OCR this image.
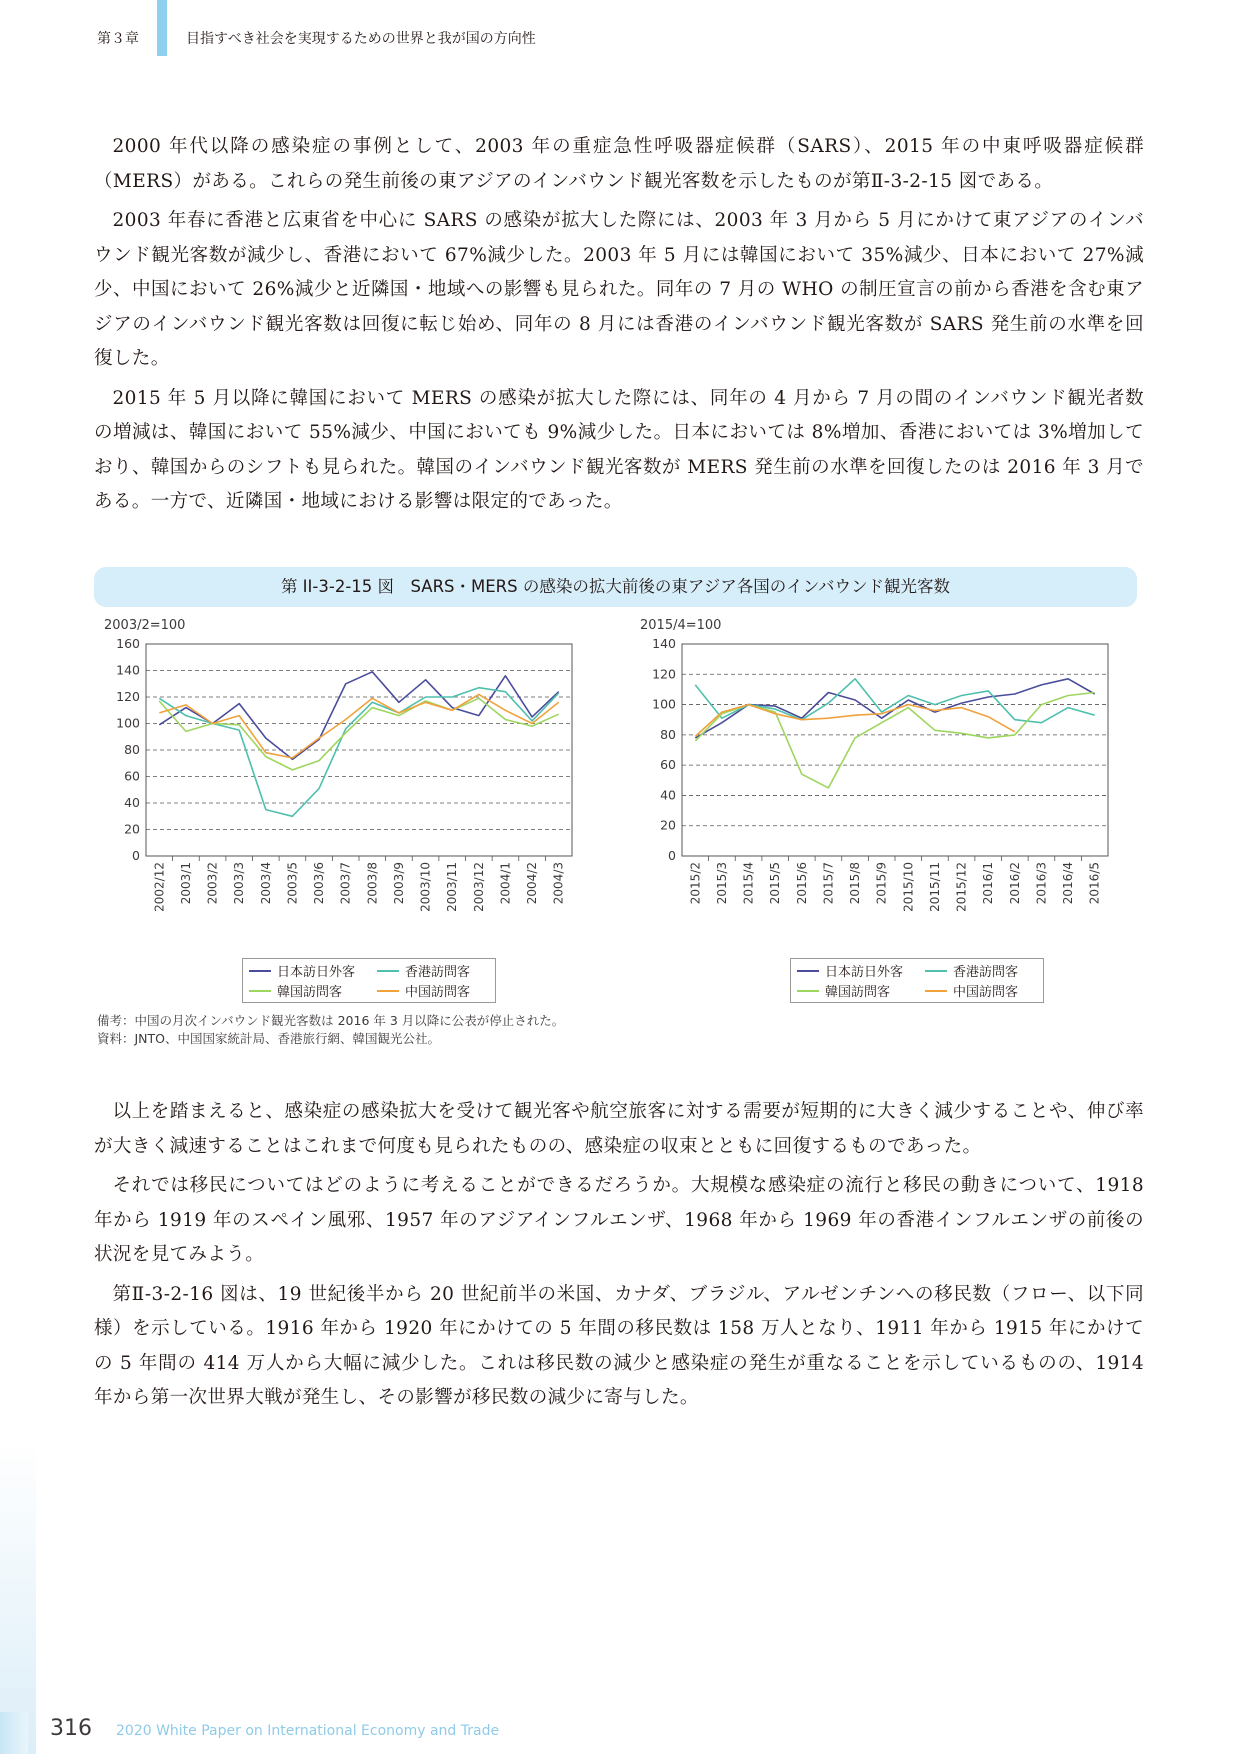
第３章	目指すべき社会を実現するための世界と我が国の方向性

2000 年代以降の感染症の事例として、2003 年の重症急性呼吸器症候群（SARS）、2015 年の中東呼吸器症候群（MERS）がある。これらの発生前後の東アジアのインバウンド観光客数を示したものが第Ⅱ-3-2-15 図である。

2003 年春に香港と広東省を中心に SARS の感染が拡大した際には、2003 年 3 月から 5 月にかけて東アジアのインバウンド観光客数が減少し、香港において 67%減少した。2003 年 5 月には韓国において 35%減少、日本において 27%減少、中国において 26%減少と近隣国・地域への影響も見られた。同年の 7 月の WHO の制圧宣言の前から香港を含む東アジアのインバウンド観光客数は回復に転じ始め、同年の 8 月には香港のインバウンド観光客数が SARS 発生前の水準を回復した。

2015 年 5 月以降に韓国において MERS の感染が拡大した際には、同年の 4 月から 7 月の間のインバウンド観光者数の増減は、韓国において 55%減少、中国においても 9%減少した。日本においては 8%増加、香港においては 3%増加しており、韓国からのシフトも見られた。韓国のインバウンド観光客数が MERS 発生前の水準を回復したのは 2016 年 3 月である。一方で、近隣国・地域における影響は限定的であった。

第 II-3-2-15 図　SARS・MERS の感染の拡大前後の東アジア各国のインバウンド観光客数
2003/2=100
0
20
40
60
80
100
120
140
160
2002/12 2003/1 2003/2 2003/3 2003/4 2003/5 2003/6 2003/7 2003/8 2003/9 2003/10 2003/11 2003/12 2004/1 2004/2 2004/3
日本訪日外客	香港訪問客
韓国訪問客	中国訪問客
2015/4=100
0
20
40
60
80
100
120
140
2015/2 2015/3 2015/4 2015/5 2015/6 2015/7 2015/8 2015/9 2015/10 2015/11 2015/12 2016/1 2016/2 2016/3 2016/4 2016/5
日本訪日外客	香港訪問客
韓国訪問客	中国訪問客
備考：中国の月次インバウンド観光客数は 2016 年 3 月以降に公表が停止された。
資料：JNTO、中国国家統計局、香港旅行網、韓国観光公社。

以上を踏まえると、感染症の感染拡大を受けて観光客や航空旅客に対する需要が短期的に大きく減少することや、伸び率が大きく減速することはこれまで何度も見られたものの、感染症の収束とともに回復するものであった。

それでは移民についてはどのように考えることができるだろうか。大規模な感染症の流行と移民の動きについて、1918 年から 1919 年のスペイン風邪、1957 年のアジアインフルエンザ、1968 年から 1969 年の香港インフルエンザの前後の状況を見てみよう。

第Ⅱ-3-2-16 図は、19 世紀後半から 20 世紀前半の米国、カナダ、ブラジル、アルゼンチンへの移民数（フロー、以下同様）を示している。1916 年から 1920 年にかけての 5 年間の移民数は 158 万人となり、1911 年から 1915 年にかけての 5 年間の 414 万人から大幅に減少した。これは移民数の減少と感染症の発生が重なることを示しているものの、1914 年から第一次世界大戦が発生し、その影響が移民数の減少に寄与した。

316 2020 White Paper on International Economy and Trade
